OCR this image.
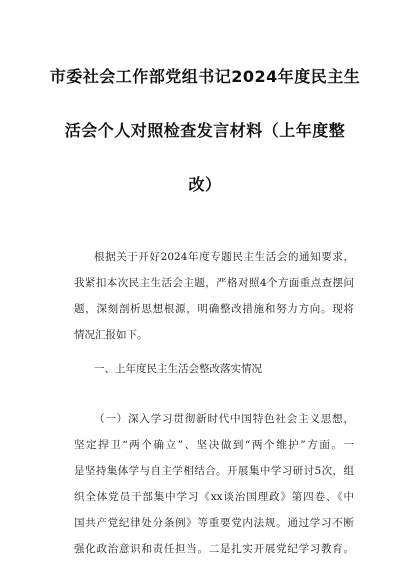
市委社会工作部党组书记2024年度民主生
活会个人对照检查发言材料（上年度整
改）
根据关于开好2024年度专题民主生活会的通知要求，
我紧扣本次民主生活会主题，严格对照4个方面重点查摆问
题，深刻剖析思想根源，明确整改措施和努力方向。现将
情况汇报如下。
一、上年度民主生活会整改落实情况
（一）深入学习贯彻新时代中国特色社会主义思想，
坚定捍卫“两个确立”、坚决做到“两个维护”方面。一
是坚持集体学与自主学相结合。开展集中学习研讨5次，组
织全体党员干部集中学习《xx谈治国理政》第四卷、《中
国共产党纪律处分条例》等重要党内法规。通过学习不断
强化政治意识和责任担当。二是扎实开展党纪学习教育。
